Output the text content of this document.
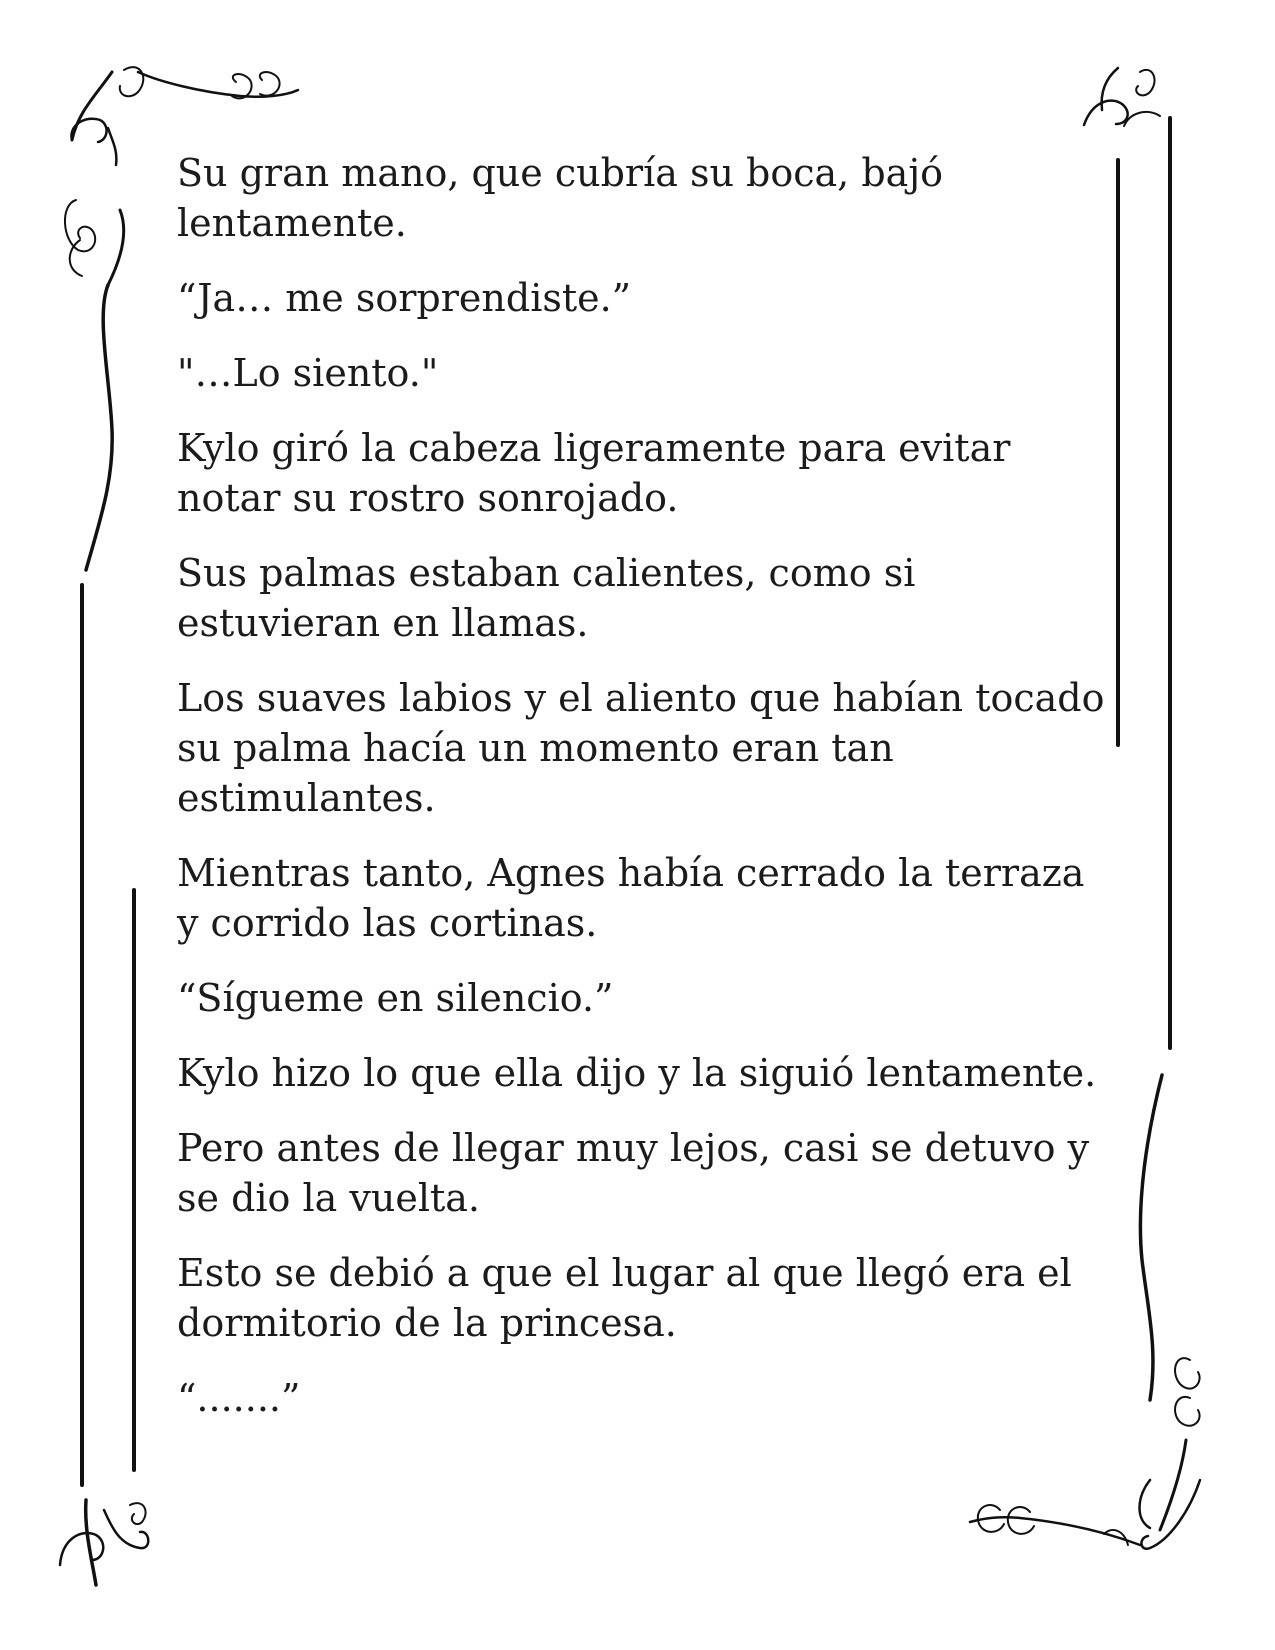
Su gran mano, que cubría su boca, bajó lentamente.

“Ja… me sorprendiste.”

"…Lo siento."

Kylo giró la cabeza ligeramente para evitar notar su rostro sonrojado.

Sus palmas estaban calientes, como si estuvieran en llamas.

Los suaves labios y el aliento que habían tocado su palma hacía un momento eran tan estimulantes.

Mientras tanto, Agnes había cerrado la terraza y corrido las cortinas.

“Sígueme en silencio.”

Kylo hizo lo que ella dijo y la siguió lentamente.

Pero antes de llegar muy lejos, casi se detuvo y se dio la vuelta.

Esto se debió a que el lugar al que llegó era el dormitorio de la princesa.

“.......”
